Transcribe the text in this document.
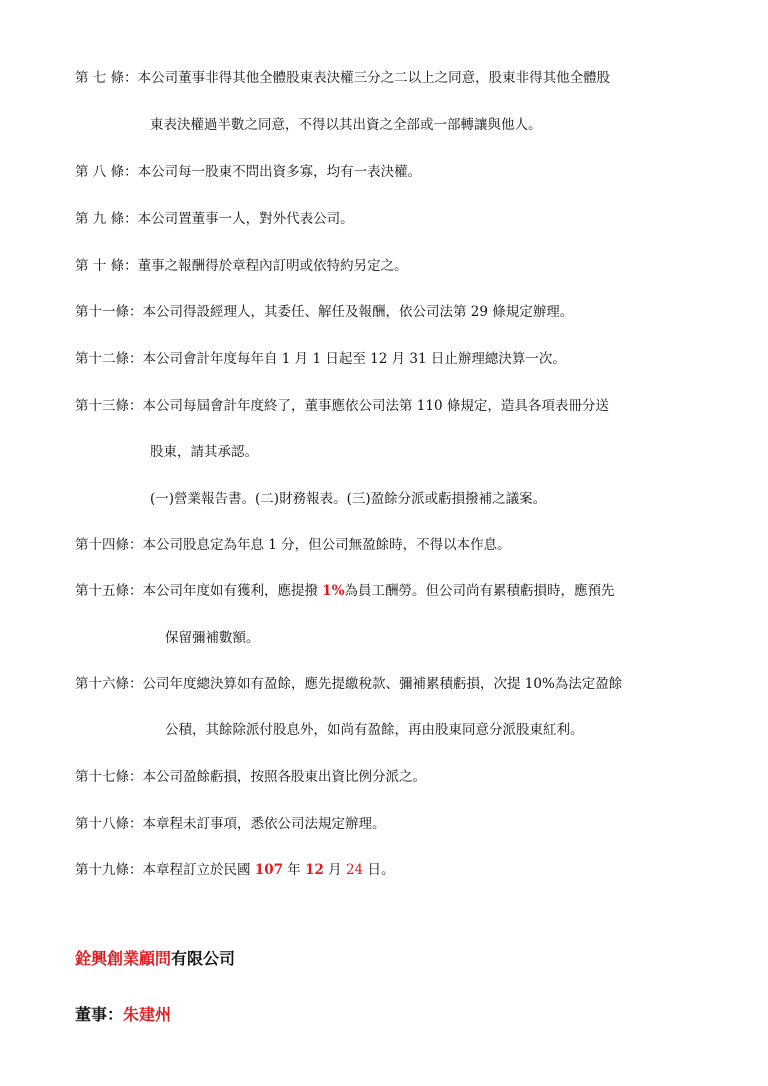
第 七 條：本公司董事非得其他全體股東表決權三分之二以上之同意，股東非得其他全體股
東表決權過半數之同意，不得以其出資之全部或一部轉讓與他人。
第 八 條：本公司每一股東不問出資多寡，均有一表決權。
第 九 條：本公司置董事一人，對外代表公司。
第 十 條：董事之報酬得於章程內訂明或依特約另定之。
第十一條：本公司得設經理人，其委任、解任及報酬，依公司法第 29 條規定辦理。
第十二條：本公司會計年度每年自 1 月 1 日起至 12 月 31 日止辦理總決算一次。
第十三條：本公司每屆會計年度終了，董事應依公司法第 110 條規定，造具各項表冊分送
股東，請其承認。
(一)營業報告書。(二)財務報表。(三)盈餘分派或虧損撥補之議案。
第十四條：本公司股息定為年息 1 分，但公司無盈餘時，不得以本作息。
第十五條：本公司年度如有獲利，應提撥 1%為員工酬勞。但公司尚有累積虧損時，應預先
保留彌補數額。
第十六條：公司年度總決算如有盈餘，應先提繳稅款、彌補累積虧損，次提 10%為法定盈餘
公積，其餘除派付股息外，如尚有盈餘，再由股東同意分派股東紅利。
第十七條：本公司盈餘虧損，按照各股東出資比例分派之。
第十八條：本章程未訂事項，悉依公司法規定辦理。
第十九條：本章程訂立於民國 107 年 12 月 24 日。
銓興創業顧問有限公司
董事：朱建州
